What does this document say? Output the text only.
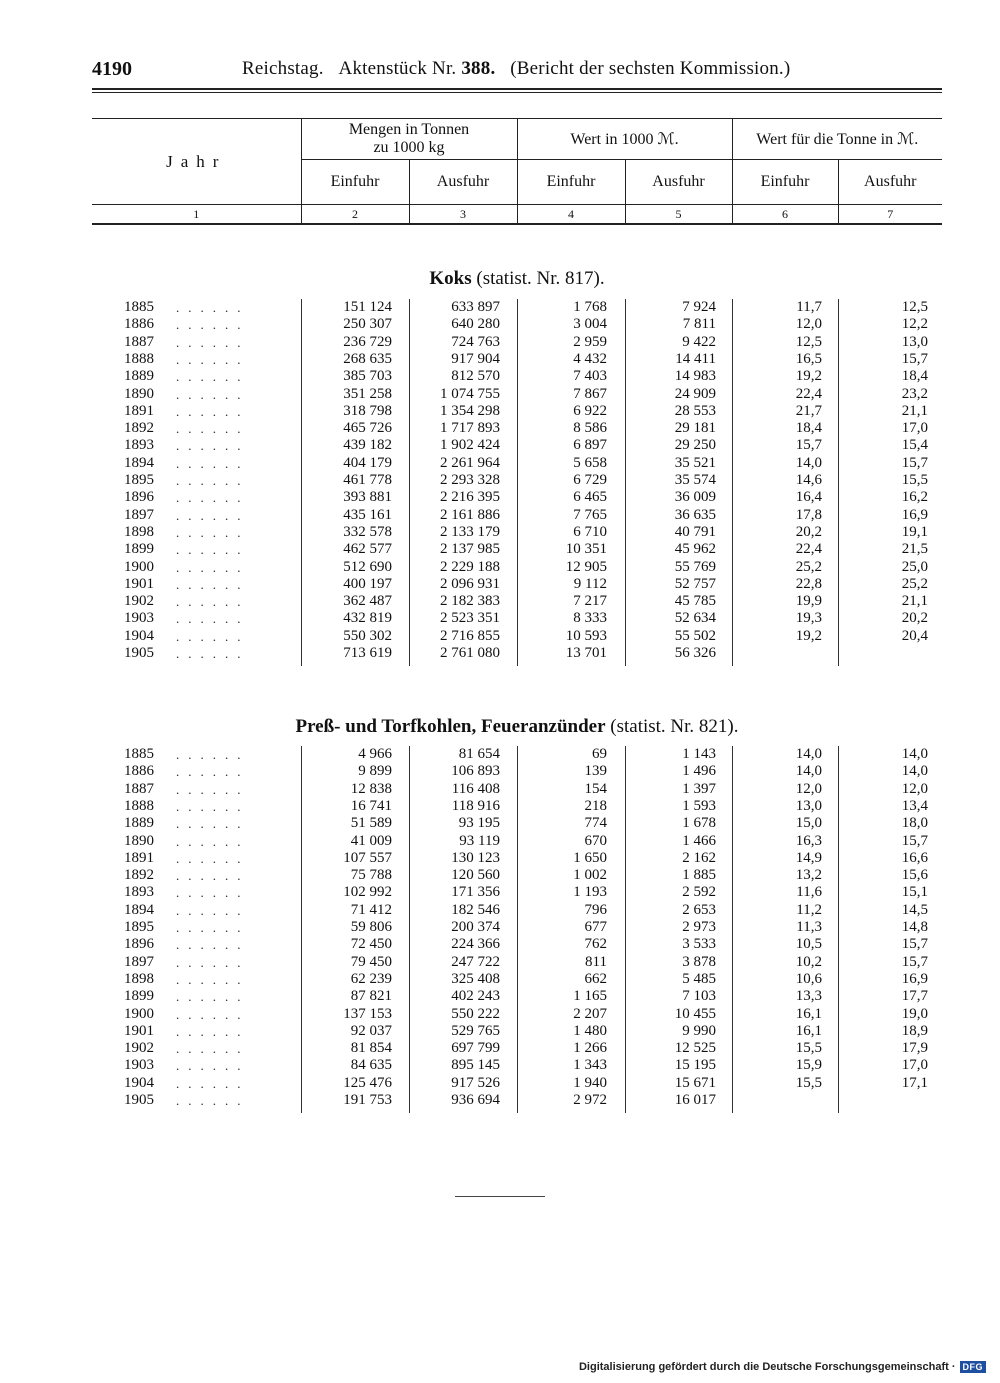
4190	Reichstag. Aktenstück Nr. 388. (Bericht der sechsten Kommission.)
Jahr	Mengen in Tonnen
zu 1000 kg		Wert in 1000 ℳ.		Wert für die Tonne in ℳ.	
	Einfuhr	Ausfuhr	Einfuhr	Ausfuhr	Einfuhr	Ausfuhr
1	2	3	4	5	6	7
Koks (statist. Nr. 817).
1885 ......	151 124	633 897	1 768	7 924	11,7	12,5
1886 ......	250 307	640 280	3 004	7 811	12,0	12,2
1887 ......	236 729	724 763	2 959	9 422	12,5	13,0
1888 ......	268 635	917 904	4 432	14 411	16,5	15,7
1889 ......	385 703	812 570	7 403	14 983	19,2	18,4
1890 ......	351 258	1 074 755	7 867	24 909	22,4	23,2
1891 ......	318 798	1 354 298	6 922	28 553	21,7	21,1
1892 ......	465 726	1 717 893	8 586	29 181	18,4	17,0
1893 ......	439 182	1 902 424	6 897	29 250	15,7	15,4
1894 ......	404 179	2 261 964	5 658	35 521	14,0	15,7
1895 ......	461 778	2 293 328	6 729	35 574	14,6	15,5
1896 ......	393 881	2 216 395	6 465	36 009	16,4	16,2
1897 ......	435 161	2 161 886	7 765	36 635	17,8	16,9
1898 ......	332 578	2 133 179	6 710	40 791	20,2	19,1
1899 ......	462 577	2 137 985	10 351	45 962	22,4	21,5
1900 ......	512 690	2 229 188	12 905	55 769	25,2	25,0
1901 ......	400 197	2 096 931	9 112	52 757	22,8	25,2
1902 ......	362 487	2 182 383	7 217	45 785	19,9	21,1
1903 ......	432 819	2 523 351	8 333	52 634	19,3	20,2
1904 ......	550 302	2 716 855	10 593	55 502	19,2	20,4
1905 ......	713 619	2 761 080	13 701	56 326
Preß- und Torfkohlen, Feueranzünder (statist. Nr. 821).
1885 ......	4 966	81 654	69	1 143	14,0	14,0
1886 ......	9 899	106 893	139	1 496	14,0	14,0
1887 ......	12 838	116 408	154	1 397	12,0	12,0
1888 ......	16 741	118 916	218	1 593	13,0	13,4
1889 ......	51 589	93 195	774	1 678	15,0	18,0
1890 ......	41 009	93 119	670	1 466	16,3	15,7
1891 ......	107 557	130 123	1 650	2 162	14,9	16,6
1892 ......	75 788	120 560	1 002	1 885	13,2	15,6
1893 ......	102 992	171 356	1 193	2 592	11,6	15,1
1894 ......	71 412	182 546	796	2 653	11,2	14,5
1895 ......	59 806	200 374	677	2 973	11,3	14,8
1896 ......	72 450	224 366	762	3 533	10,5	15,7
1897 ......	79 450	247 722	811	3 878	10,2	15,7
1898 ......	62 239	325 408	662	5 485	10,6	16,9
1899 ......	87 821	402 243	1 165	7 103	13,3	17,7
1900 ......	137 153	550 222	2 207	10 455	16,1	19,0
1901 ......	92 037	529 765	1 480	9 990	16,1	18,9
1902 ......	81 854	697 799	1 266	12 525	15,5	17,9
1903 ......	84 635	895 145	1 343	15 195	15,9	17,0
1904 ......	125 476	917 526	1 940	15 671	15,5	17,1
1905 ......	191 753	936 694	2 972	16 017
Digitalisierung gefördert durch die Deutsche Forschungsgemeinschaft · DFG
